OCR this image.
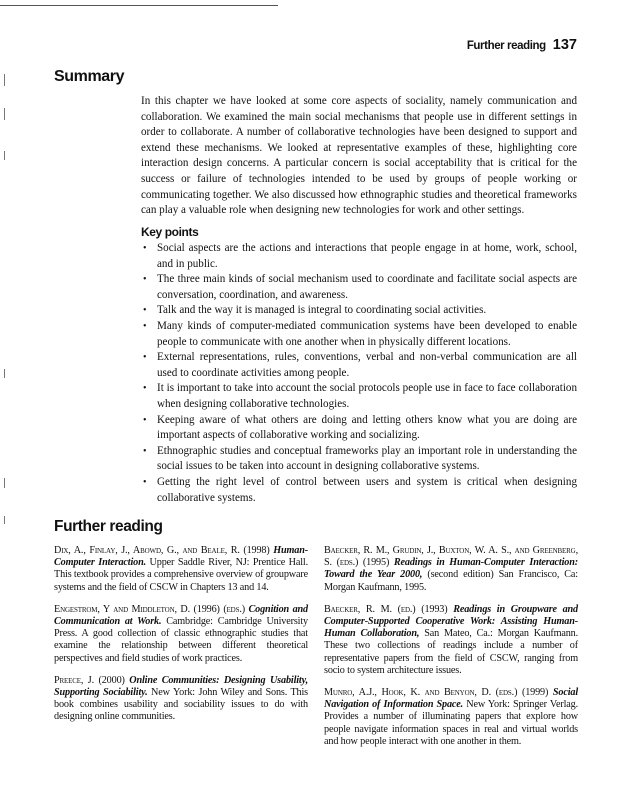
Further reading 137
Summary

In this chapter we have looked at some core aspects of sociality, namely communication and collaboration. We examined the main social mechanisms that people use in different settings in order to collaborate. A number of collaborative technologies have been designed to support and extend these mechanisms. We looked at representative examples of these, highlighting core interaction design concerns. A particular concern is social acceptability that is critical for the success or failure of technologies intended to be used by groups of people working or communicating together. We also discussed how ethnographic studies and theoretical frameworks can play a valuable role when designing new technologies for work and other settings.

Key points
• Social aspects are the actions and interactions that people engage in at home, work, school, and in public.
• The three main kinds of social mechanism used to coordinate and facilitate social aspects are conversation, coordination, and awareness.
• Talk and the way it is managed is integral to coordinating social activities.
• Many kinds of computer-mediated communication systems have been developed to enable people to communicate with one another when in physically different locations.
• External representations, rules, conventions, verbal and non-verbal communication are all used to coordinate activities among people.
• It is important to take into account the social protocols people use in face to face collaboration when designing collaborative technologies.
• Keeping aware of what others are doing and letting others know what you are doing are important aspects of collaborative working and socializing.
• Ethnographic studies and conceptual frameworks play an important role in understanding the social issues to be taken into account in designing collaborative systems.
• Getting the right level of control between users and system is critical when designing collaborative systems.
Further reading

Dix, A., Finlay, J., Abowd, G., and Beale, R. (1998) Human-Computer Interaction. Upper Saddle River, NJ: Prentice Hall. This textbook provides a comprehensive overview of groupware systems and the field of CSCW in Chapters 13 and 14.

Engestrom, Y and Middleton, D. (1996) (eds.) Cognition and Communication at Work. Cambridge: Cambridge University Press. A good collection of classic ethnographic studies that examine the relationship between different theoretical perspectives and field studies of work practices.

Preece, J. (2000) Online Communities: Designing Usability, Supporting Sociability. New York: John Wiley and Sons. This book combines usability and sociability issues to do with designing online communities.

Baecker, R. M., Grudin, J., Buxton, W. A. S., and Greenberg, S. (eds.) (1995) Readings in Human-Computer Interaction: Toward the Year 2000, (second edition) San Francisco, Ca: Morgan Kaufmann, 1995.

Baecker, R. M. (ed.) (1993) Readings in Groupware and Computer-Supported Cooperative Work: Assisting Human-Human Collaboration, San Mateo, Ca.: Morgan Kaufmann. These two collections of readings include a number of representative papers from the field of CSCW, ranging from socio to system architecture issues.

Munro, A.J., Hook, K. and Benyon, D. (eds.) (1999) Social Navigation of Information Space. New York: Springer Verlag. Provides a number of illuminating papers that explore how people navigate information spaces in real and virtual worlds and how people interact with one another in them.
